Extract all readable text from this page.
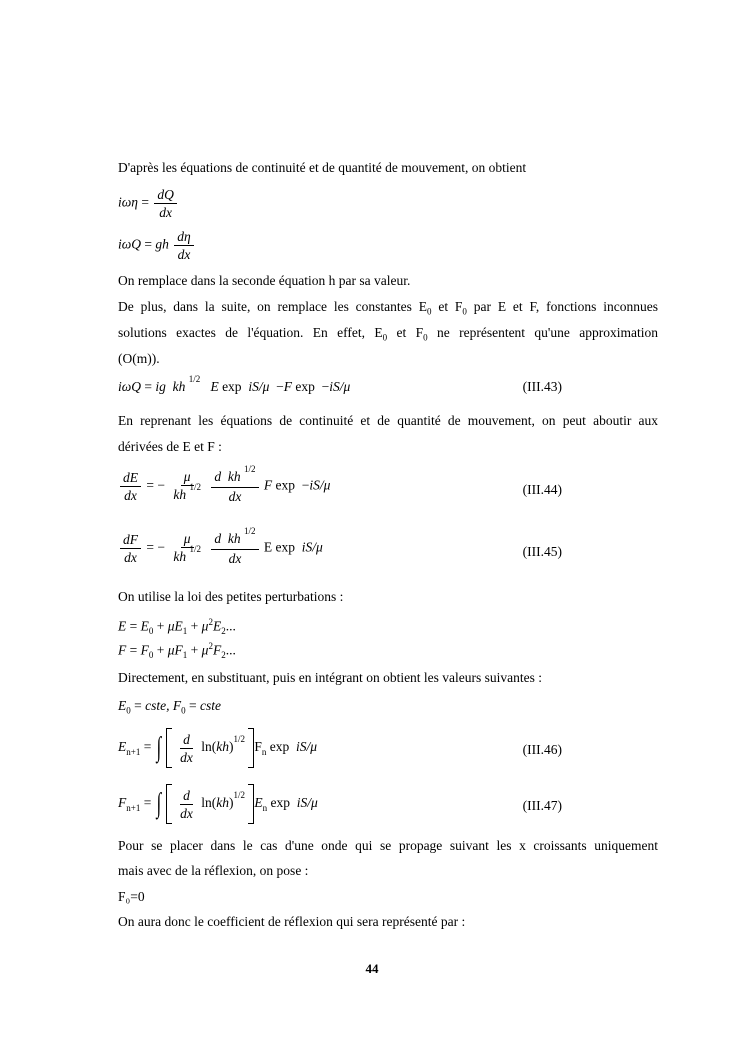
D'après les équations de continuité et de quantité de mouvement, on obtient
$i\omega\eta = \frac{dQ}{dx}$
iωQ = gh $\frac{d\eta}{dx}$
On remplace dans la seconde équation h par sa valeur.
De plus, dans la suite, on remplace les constantes $E_0$ et $F_0$ par E et F, fonctions inconnues
solutions exactes de l'équation. En effet, $E_0$ et $F_0$ ne représentent qu'une approximation
(O(m)).
iωQ = ig  kh $^{1/2}$   E exp  iS/μ  −F exp −iS/μ	(III.43)
En reprenant les équations de continuité et de quantité de mouvement, on peut aboutir aux
dérivées de E et F :
$\frac{dE}{dx}$ = − $\frac{\mu}{kh ^{1/2}}$
$\frac{d kh ^{1/2}}{dx}$ F exp −iS/μ	(III.44)
$\frac{dF}{dx}$ = − $\frac{\mu}{kh ^{1/2}}$
$\frac{d kh ^{1/2}}{dx}$ E exp  iS/μ	(III.45)
On utilise la loi des petites perturbations :
$E = E_0 + \mu E_1 + \mu^2E_2$...
$F = F_0 + \mu F_1 + \mu^2F_2$...
Directement, en substituant, puis en intégrant on obtient les valeurs suivantes :
$E_0$ = cste, $F_0$ = cste
$E_{n+1}$ = ∫ $\frac{d}{dx} \ln(kh)^{1/2}$ $F_n$ exp  iS/μ	(III.46)
$F_{n+1}$ = ∫ $\frac{d}{dx} \ln(kh)^{1/2}$ $E_n$ exp  iS/μ	(III.47)
Pour se placer dans le cas d'une onde qui se propage suivant les x croissants uniquement
mais avec de la réflexion, on pose :
F₀=0
On aura donc le coefficient de réflexion qui sera représenté par :
44
